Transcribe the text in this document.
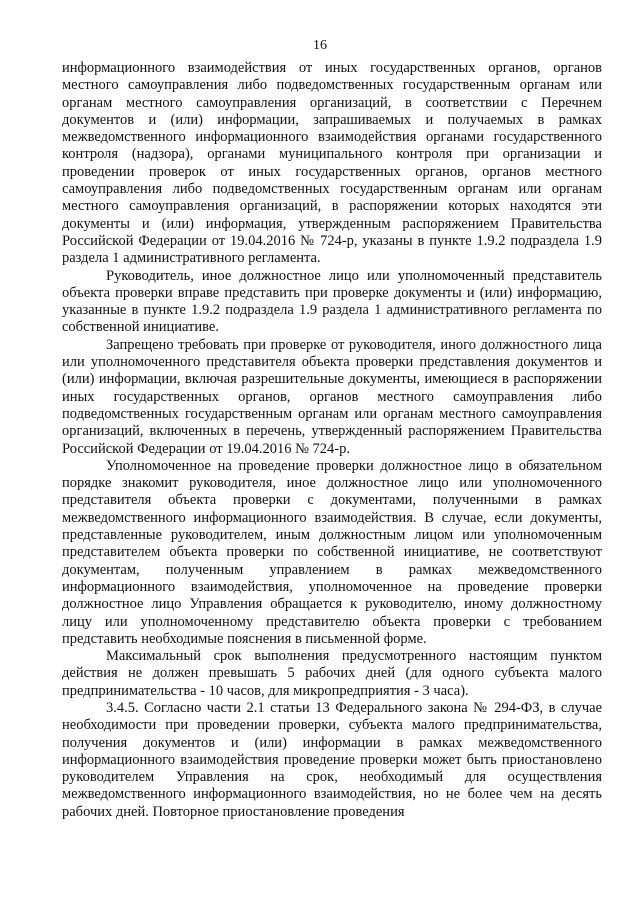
16

информационного взаимодействия от иных государственных органов, органов местного самоуправления либо подведомственных государственным органам или органам местного самоуправления организаций, в соответствии с Перечнем документов и (или) информации, запрашиваемых и получаемых в рамках межведомственного информационного взаимодействия органами государственного контроля (надзора), органами муниципального контроля при организации и проведении проверок от иных государственных органов, органов местного самоуправления либо подведомственных государственным органам или органам местного самоуправления организаций, в распоряжении которых находятся эти документы и (или) информация, утвержденным распоряжением Правительства Российской Федерации от 19.04.2016 № 724-р, указаны в пункте 1.9.2 подраздела 1.9 раздела 1 административного регламента.

Руководитель, иное должностное лицо или уполномоченный представитель объекта проверки вправе представить при проверке документы и (или) информацию, указанные в пункте 1.9.2 подраздела 1.9 раздела 1 административного регламента по собственной инициативе.

Запрещено требовать при проверке от руководителя, иного должностного лица или уполномоченного представителя объекта проверки представления документов и (или) информации, включая разрешительные документы, имеющиеся в распоряжении иных государственных органов, органов местного самоуправления либо подведомственных государственным органам или органам местного самоуправления организаций, включенных в перечень, утвержденный распоряжением Правительства Российской Федерации от 19.04.2016 № 724-р.

Уполномоченное на проведение проверки должностное лицо в обязательном порядке знакомит руководителя, иное должностное лицо или уполномоченного представителя объекта проверки с документами, полученными в рамках межведомственного информационного взаимодействия. В случае, если документы, представленные руководителем, иным должностным лицом или уполномоченным представителем объекта проверки по собственной инициативе, не соответствуют документам, полученным управлением в рамках межведомственного информационного взаимодействия, уполномоченное на проведение проверки должностное лицо Управления обращается к руководителю, иному должностному лицу или уполномоченному представителю объекта проверки с требованием представить необходимые пояснения в письменной форме.

Максимальный срок выполнения предусмотренного настоящим пунктом действия не должен превышать 5 рабочих дней (для одного субъекта малого предпринимательства - 10 часов, для микропредприятия - 3 часа).

3.4.5. Согласно части 2.1 статьи 13 Федерального закона № 294-ФЗ, в случае необходимости при проведении проверки, субъекта малого предпринимательства, получения документов и (или) информации в рамках межведомственного информационного взаимодействия проведение проверки может быть приостановлено руководителем Управления на срок, необходимый для осуществления межведомственного информационного взаимодействия, но не более чем на десять рабочих дней. Повторное приостановление проведения
